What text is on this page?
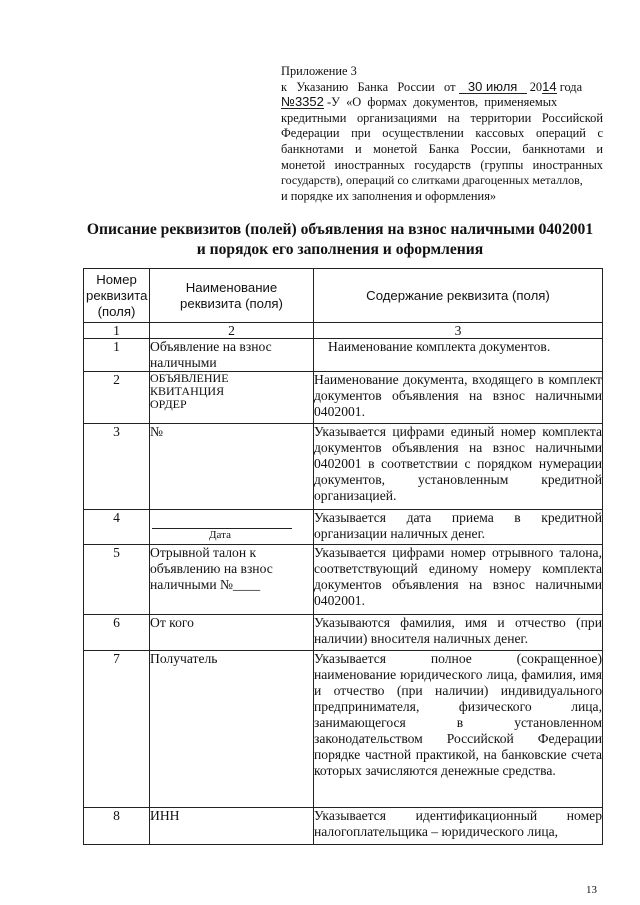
Приложение 3
к   Указанию   Банка   России   от 30 июля 2014 года
№3352 -У  «О  формах  документов,  применяемых
кредитными организациями на территории Российской
Федерации при осуществлении кассовых операций с
банкнотами и монетой Банка России, банкнотами и
монетой иностранных государств (группы иностранных
государств), операций со слитками драгоценных металлов,
и порядке их заполнения и оформления»
Описание реквизитов (полей) объявления на взнос наличными 0402001
и порядок его заполнения и оформления
Номер реквизита (поля)	Наименование реквизита (поля)	Содержание реквизита (поля)
1	2	3
1	Объявление на взнос наличными	Наименование комплекта документов.
2	ОБЪЯВЛЕНИЕ КВИТАНЦИЯ ОРДЕР	Наименование документа, входящего в комплект документов объявления на взнос наличными 0402001.
3	№	Указывается цифрами единый номер комплекта документов объявления на взнос наличными 0402001 в соответствии с порядком нумерации документов, установленным кредитной организацией.
4	Дата	Указывается дата приема в кредитной организации наличных денег.
5	Отрывной талон к объявлению на взнос наличными №____	Указывается цифрами номер отрывного талона, соответствующий единому номеру комплекта документов объявления на взнос наличными 0402001.
6	От кого	Указываются фамилия, имя и отчество (при наличии) вносителя наличных денег.
7	Получатель	Указывается полное (сокращенное) наименование юридического лица, фамилия, имя и отчество (при наличии) индивидуального предпринимателя, физического лица, занимающегося в установленном законодательством Российской Федерации порядке частной практикой, на банковские счета которых зачисляются денежные средства.
8	ИНН	Указывается идентификационный номер налогоплательщика – юридического лица,
13
